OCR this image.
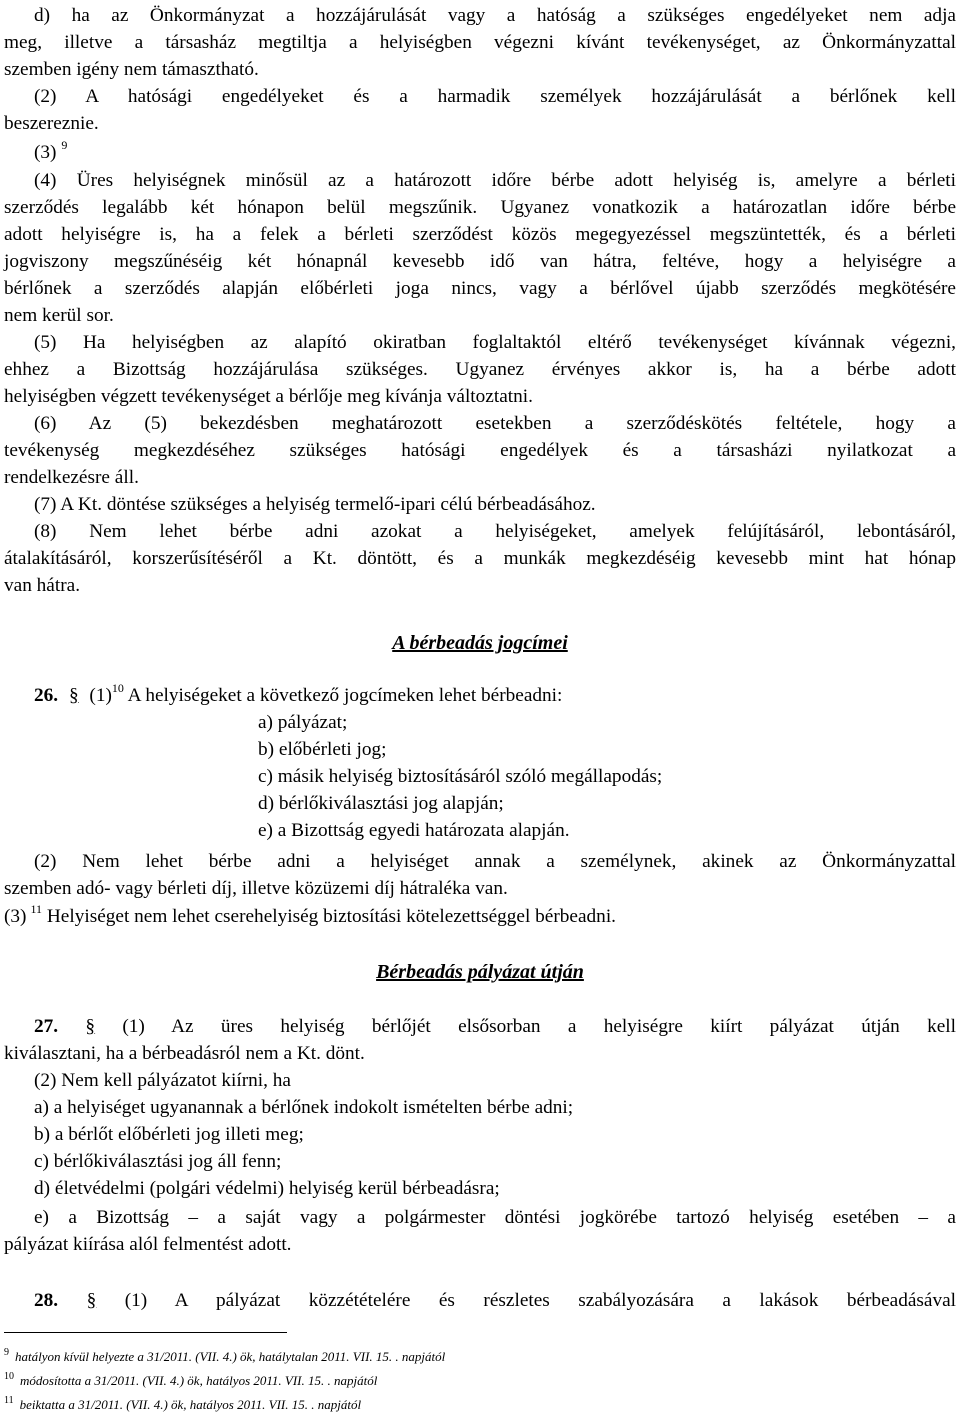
d) ha az Önkormányzat a hozzájárulását vagy a hatóság a szükséges engedélyeket nem adja
meg, illetve a társasház megtiltja a helyiségben végezni kívánt tevékenységet, az Önkormányzattal
szemben igény nem támasztható.
(2) A hatósági engedélyeket és a harmadik személyek hozzájárulását a bérlőnek kell
beszereznie.
(3) $^9$
(4) Üres helyiségnek minősül az a határozott időre bérbe adott helyiség is, amelyre a bérleti
szerződés legalább két hónapon belül megszűnik. Ugyanez vonatkozik a határozatlan időre bérbe
adott helyiségre is, ha a felek a bérleti szerződést közös megegyezéssel megszüntették, és a bérleti
jogviszony megszűnéséig két hónapnál kevesebb idő van hátra, feltéve, hogy a helyiségre a
bérlőnek a szerződés alapján előbérleti joga nincs, vagy a bérlővel újabb szerződés megkötésére
nem kerül sor.
(5) Ha helyiségben az alapító okiratban foglaltaktól eltérő tevékenységet kívánnak végezni,
ehhez a Bizottság hozzájárulása szükséges. Ugyanez érvényes akkor is, ha a bérbe adott
helyiségben végzett tevékenységet a bérlője meg kívánja változtatni.
(6) Az (5) bekezdésben meghatározott esetekben a szerződéskötés feltétele, hogy a
tevékenység megkezdéséhez szükséges hatósági engedélyek és a társasházi nyilatkozat a
rendelkezésre áll.
(7) A Kt. döntése szükséges a helyiség termelő-ipari célú bérbeadásához.
(8) Nem lehet bérbe adni azokat a helyiségeket, amelyek felújításáról, lebontásáról,
átalakításáról, korszerűsítéséről a Kt. döntött, és a munkák megkezdéséig kevesebb mint hat hónap
van hátra.
A bérbeadás jogcímei
26. § $(1)^{10}$ A helyiségeket a következő jogcímeken lehet bérbeadni:
a) pályázat;
b) előbérleti jog;
c) másik helyiség biztosításáról szóló megállapodás;
d) bérlőkiválasztási jog alapján;
e) a Bizottság egyedi határozata alapján.
(2) Nem lehet bérbe adni a helyiséget annak a személynek, akinek az Önkormányzattal
szemben adó- vagy bérleti díj, illetve közüzemi díj hátraléka van.
(3) $^{11}$ Helyiséget nem lehet cserehelyiség biztosítási kötelezettséggel bérbeadni.
Bérbeadás pályázat útján
27. § (1) Az üres helyiség bérlőjét elsősorban a helyiségre kiírt pályázat útján kell
kiválasztani, ha a bérbeadásról nem a Kt. dönt.
(2) Nem kell pályázatot kiírni, ha
a) a helyiséget ugyanannak a bérlőnek indokolt ismételten bérbe adni;
b) a bérlőt előbérleti jog illeti meg;
c) bérlőkiválasztási jog áll fenn;
d) életvédelmi (polgári védelmi) helyiség kerül bérbeadásra;
e) a Bizottság – a saját vagy a polgármester döntési jogkörébe tartozó helyiség esetében – a
pályázat kiírása alól felmentést adott.
28. § (1) A pályázat közzétételére és részletes szabályozására a lakások bérbeadásával
$^9$ hatályon kívül helyezte a 31/2011. (VII. 4.) ök, hatálytalan 2011. VII. 15. . napjától
$^{10}$ módosította a 31/2011. (VII. 4.) ök, hatályos 2011. VII. 15. . napjától
$^{11}$ beiktatta a 31/2011. (VII. 4.) ök, hatályos 2011. VII. 15. . napjától
